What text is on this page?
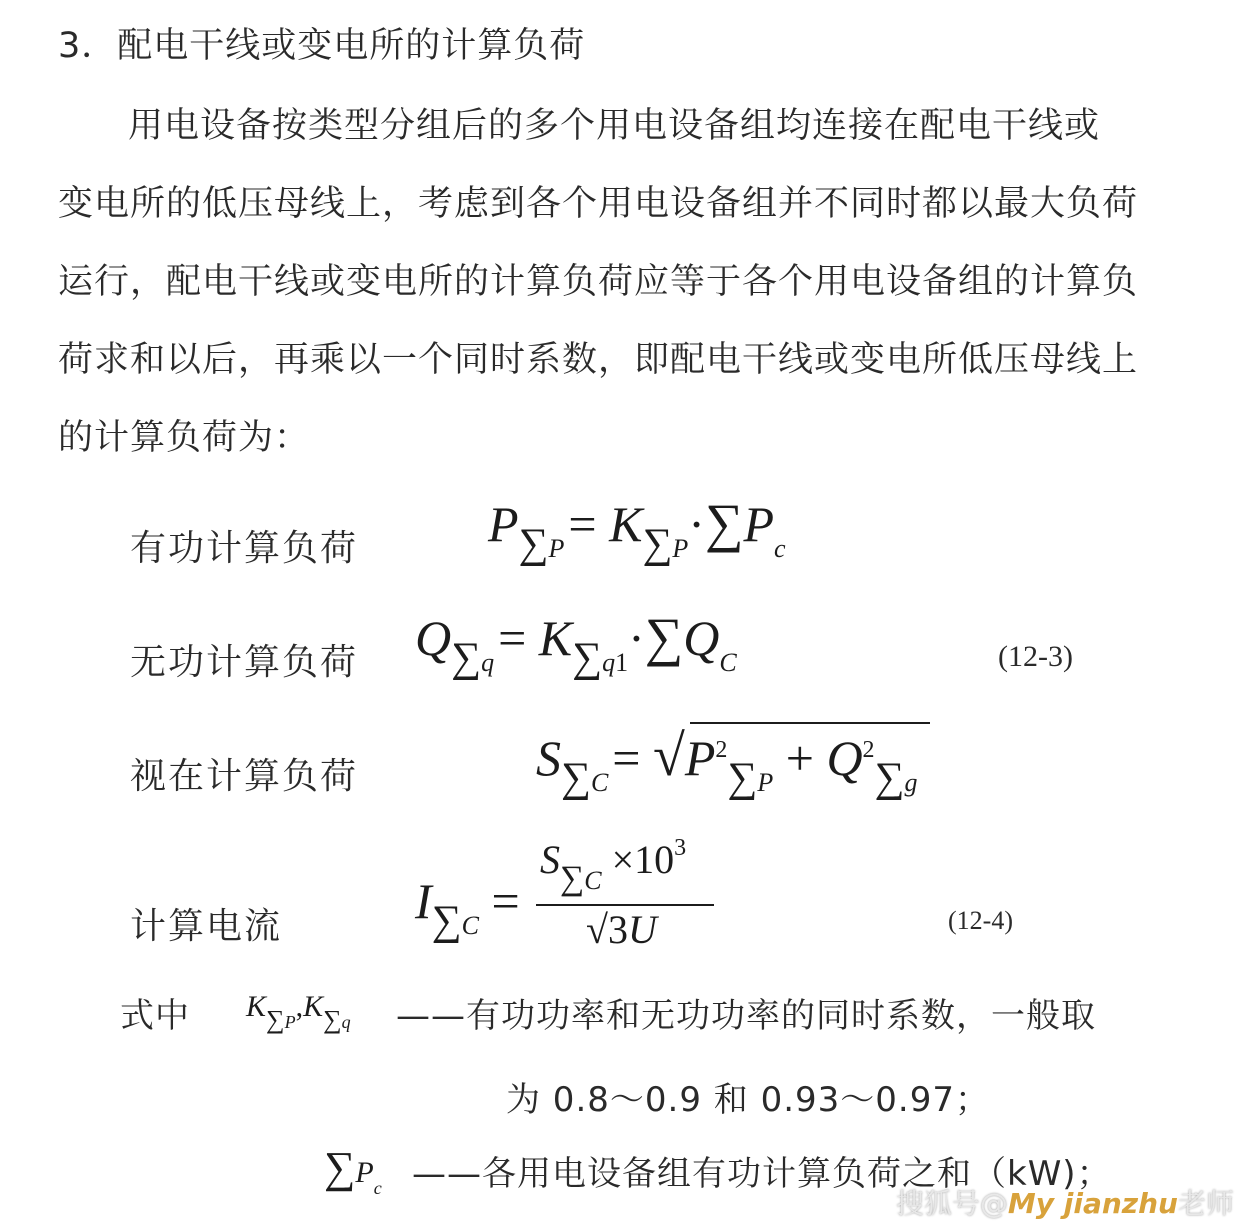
3．配电干线或变电所的计算负荷
用电设备按类型分组后的多个用电设备组均连接在配电干线或
变电所的低压母线上，考虑到各个用电设备组并不同时都以最大负荷
运行，配电干线或变电所的计算负荷应等于各个用电设备组的计算负
荷求和以后，再乘以一个同时系数，即配电干线或变电所低压母线上
的计算负荷为：
有功计算负荷	P∑P = K∑P·∑Pc
无功计算负荷 Q∑q = K∑q1·∑QC	(12-3)
视在计算负荷	S∑C = √P2∑P + Q2∑g
计算电流	I∑C =
S∑C ×103
√3U	(12-4)
式中 K∑P,K∑q ——有功功率和无功功率的同时系数，一般取
为 0.8～0.9 和 0.93～0.97；
∑Pc ——各用电设备组有功计算负荷之和（kW)；
搜狐号@My jianzhu老师
